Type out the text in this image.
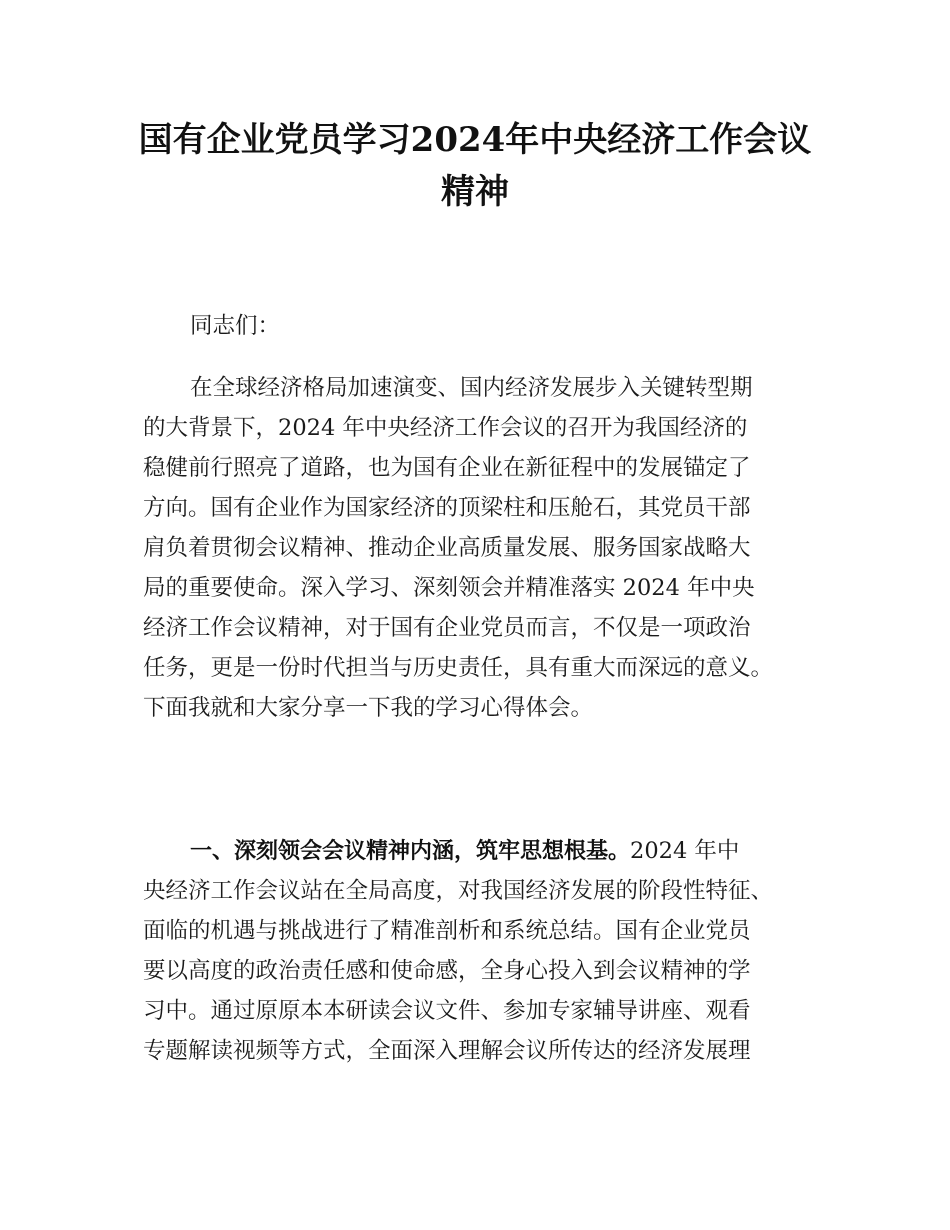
国有企业党员学习2024年中央经济工作会议
精神

同志们：

在全球经济格局加速演变、国内经济发展步入关键转型期
的大背景下，2024 年中央经济工作会议的召开为我国经济的
稳健前行照亮了道路，也为国有企业在新征程中的发展锚定了
方向。国有企业作为国家经济的顶梁柱和压舱石，其党员干部
肩负着贯彻会议精神、推动企业高质量发展、服务国家战略大
局的重要使命。深入学习、深刻领会并精准落实 2024 年中央
经济工作会议精神，对于国有企业党员而言，不仅是一项政治
任务，更是一份时代担当与历史责任，具有重大而深远的意义。
下面我就和大家分享一下我的学习心得体会。
一、深刻领会会议精神内涵，筑牢思想根基。2024 年中
央经济工作会议站在全局高度，对我国经济发展的阶段性特征、
面临的机遇与挑战进行了精准剖析和系统总结。国有企业党员
要以高度的政治责任感和使命感，全身心投入到会议精神的学
习中。通过原原本本研读会议文件、参加专家辅导讲座、观看
专题解读视频等方式，全面深入理解会议所传达的经济发展理
